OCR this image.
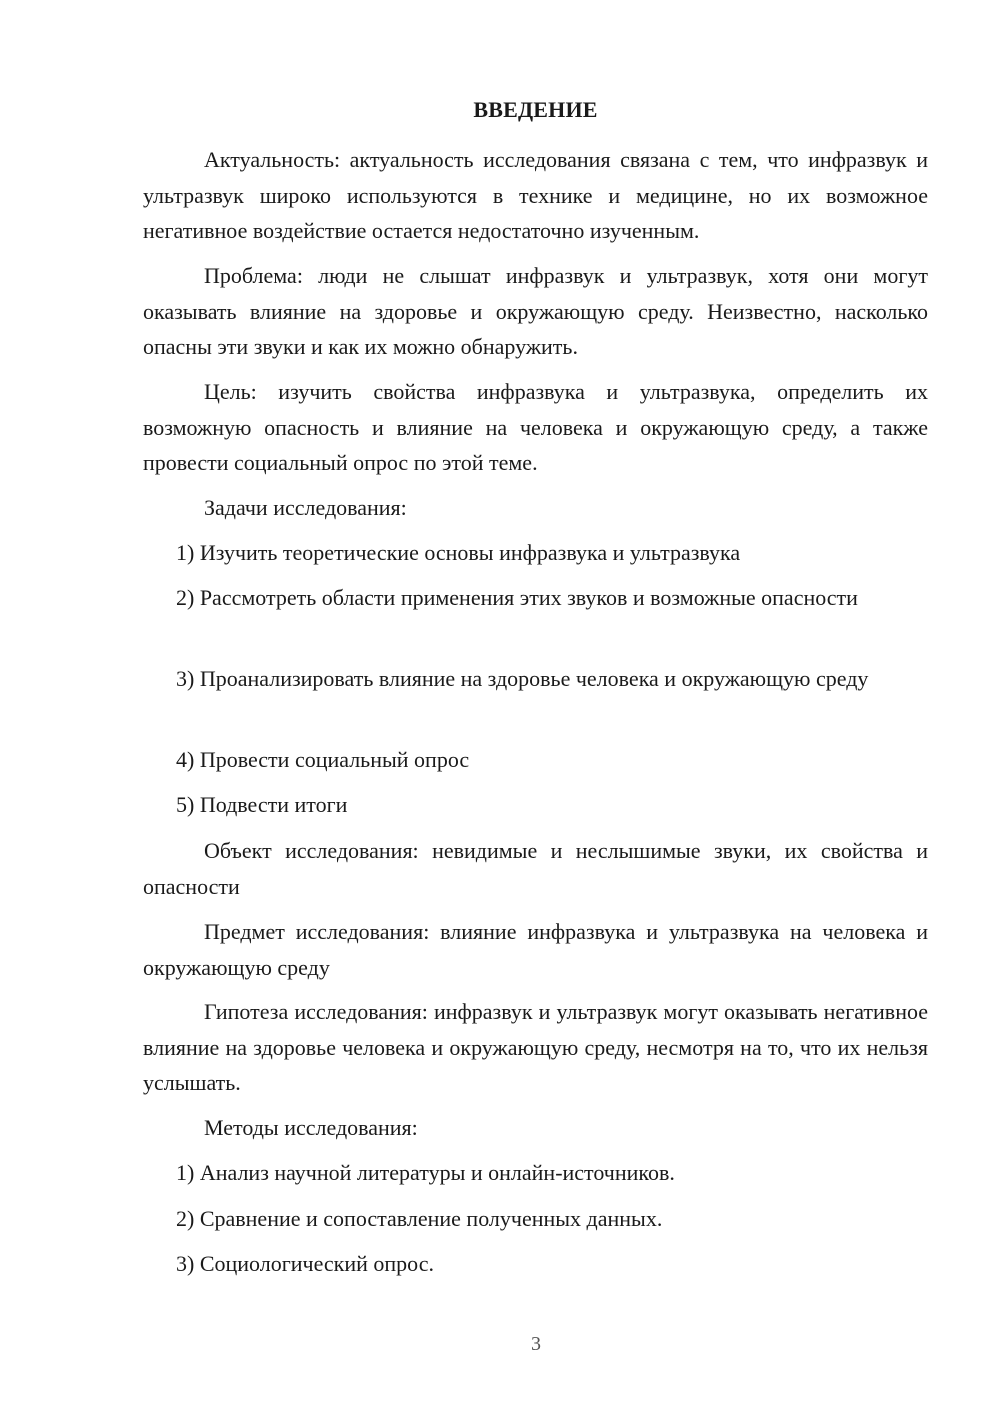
ВВЕДЕНИЕ

Актуальность: актуальность исследования связана с тем, что инфразвук и ультразвук широко используются в технике и медицине, но их возможное негативное воздействие остается недостаточно изученным.

Проблема: люди не слышат инфразвук и ультразвук, хотя они могут оказывать влияние на здоровье и окружающую среду. Неизвестно, насколько опасны эти звуки и как их можно обнаружить.

Цель: изучить свойства инфразвука и ультразвука, определить их возможную опасность и влияние на человека и окружающую среду, а также провести социальный опрос по этой теме.

Задачи исследования:

1) Изучить теоретические основы инфразвука и ультразвука

2) Рассмотреть области применения этих звуков и возможные опасности

3) Проанализировать влияние на здоровье человека и окружающую среду

4) Провести социальный опрос

5) Подвести итоги

Объект исследования: невидимые и неслышимые звуки, их свойства и опасности

Предмет исследования: влияние инфразвука и ультразвука на человека и окружающую среду

Гипотеза исследования: инфразвук и ультразвук могут оказывать негативное влияние на здоровье человека и окружающую среду, несмотря на то, что их нельзя услышать.

Методы исследования:

1) Анализ научной литературы и онлайн-источников.

2) Сравнение и сопоставление полученных данных.

3) Социологический опрос.

3
